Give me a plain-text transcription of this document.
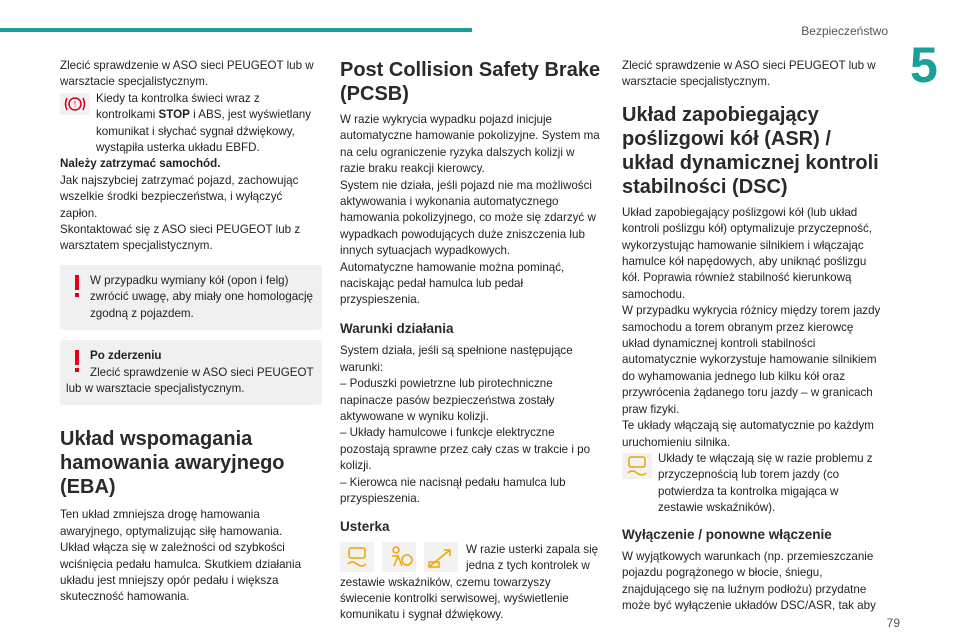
Bezpieczeństwo
5

Zlecić sprawdzenie w ASO sieci PEUGEOT lub w warsztacie specjalistycznym.

! Kiedy ta kontrolka świeci wraz z kontrolkami STOP i ABS, jest wyświetlany komunikat i słychać sygnał dźwiękowy, wystąpiła usterka układu EBFD.

Należy zatrzymać samochód.

Jak najszybciej zatrzymać pojazd, zachowując wszelkie środki bezpieczeństwa, i wyłączyć zapłon.

Skontaktować się z ASO sieci PEUGEOT lub z warsztatem specjalistycznym.

W przypadku wymiany kół (opon i felg) zwrócić uwagę, aby miały one homologację zgodną z pojazdem.

Po zderzeniu

Zlecić sprawdzenie w ASO sieci PEUGEOT lub w warsztacie specjalistycznym.

Układ wspomagania hamowania awaryjnego (EBA)

Ten układ zmniejsza drogę hamowania awaryjnego, optymalizując siłę hamowania.

Układ włącza się w zależności od szybkości wciśnięcia pedału hamulca. Skutkiem działania układu jest mniejszy opór pedału i większa skuteczność hamowania.

Post Collision Safety Brake (PCSB)

W razie wykrycia wypadku pojazd inicjuje automatyczne hamowanie pokolizyjne. System ma na celu ograniczenie ryzyka dalszych kolizji w razie braku reakcji kierowcy.

System nie działa, jeśli pojazd nie ma możliwości aktywowania i wykonania automatycznego hamowania pokolizyjnego, co może się zdarzyć w wypadkach powodujących duże zniszczenia lub innych sytuacjach wypadkowych.

Automatyczne hamowanie można pominąć, naciskając pedał hamulca lub pedał przyspieszenia.

Warunki działania

System działa, jeśli są spełnione następujące warunki:

– Poduszki powietrzne lub pirotechniczne napinacze pasów bezpieczeństwa zostały aktywowane w wyniku kolizji.

– Układy hamulcowe i funkcje elektryczne pozostają sprawne przez cały czas w trakcie i po kolizji.

– Kierowca nie nacisnął pedału hamulca lub przyspieszenia.

Usterka

W razie usterki zapala się jedna z tych kontrolek w zestawie wskaźników, czemu towarzyszy świecenie kontrolki serwisowej, wyświetlenie komunikatu i sygnał dźwiękowy.

Zlecić sprawdzenie w ASO sieci PEUGEOT lub w warsztacie specjalistycznym.

Układ zapobiegający poślizgowi kół (ASR) / układ dynamicznej kontroli stabilności (DSC)

Układ zapobiegający poślizgowi kół (lub układ kontroli poślizgu kół) optymalizuje przyczepność, wykorzystując hamowanie silnikiem i włączając hamulce kół napędowych, aby uniknąć poślizgu kół. Poprawia również stabilność kierunkową samochodu.

W przypadku wykrycia różnicy między torem jazdy samochodu a torem obranym przez kierowcę układ dynamicznej kontroli stabilności automatycznie wykorzystuje hamowanie silnikiem do wyhamowania jednego lub kilku kół oraz przywrócenia żądanego toru jazdy – w granicach praw fizyki.

Te układy włączają się automatycznie po każdym uruchomieniu silnika.

Układy te włączają się w razie problemu z przyczepnością lub torem jazdy (co potwierdza ta kontrolka migająca w zestawie wskaźników).
Wyłączenie / ponowne włączenie

W wyjątkowych warunkach (np. przemieszczanie pojazdu pogrążonego w błocie, śniegu, znajdującego się na luźnym podłożu) przydatne może być wyłączenie układów DSC/ASR, tak aby

79
